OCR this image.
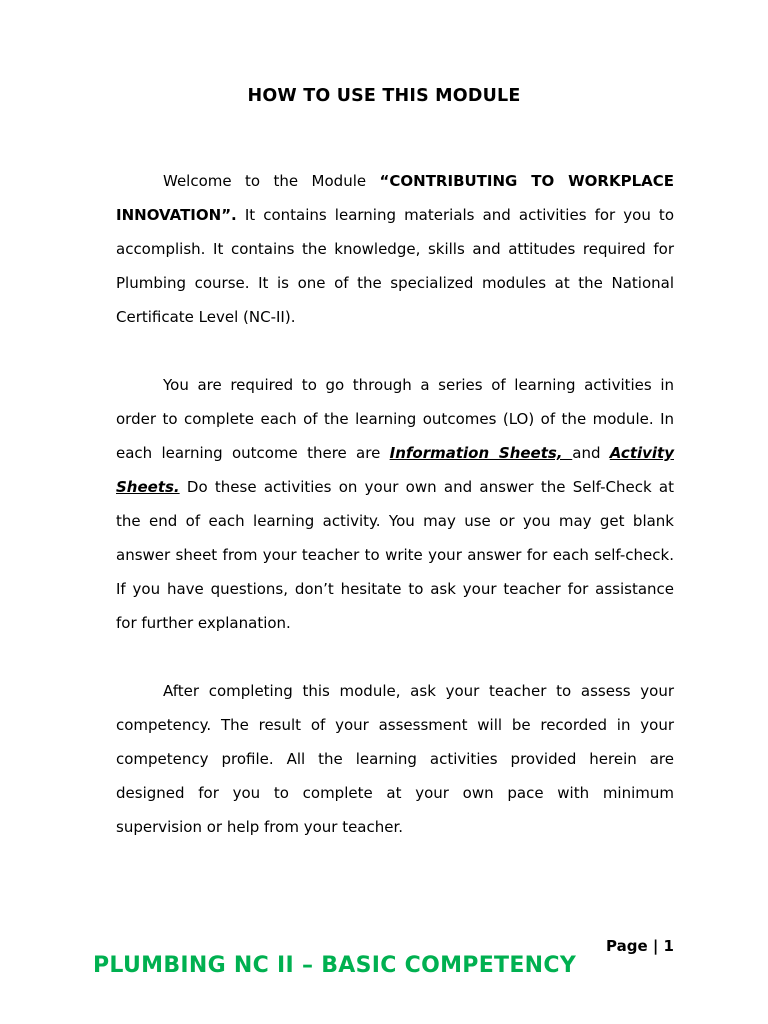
HOW TO USE THIS MODULE

Welcome to the Module “CONTRIBUTING TO WORKPLACE INNOVATION”. It contains learning materials and activities for you to accomplish. It contains the knowledge, skills and attitudes required for Plumbing course. It is one of the specialized modules at the National Certificate Level (NC-II).

You are required to go through a series of learning activities in order to complete each of the learning outcomes (LO) of the module. In each learning outcome there are Information Sheets, and Activity Sheets. Do these activities on your own and answer the Self-Check at the end of each learning activity. You may use or you may get blank answer sheet from your teacher to write your answer for each self-check. If you have questions, don’t hesitate to ask your teacher for assistance for further explanation.

After completing this module, ask your teacher to assess your competency. The result of your assessment will be recorded in your competency profile. All the learning activities provided herein are designed for you to complete at your own pace with minimum supervision or help from your teacher.

Page | 1
PLUMBING NC II – BASIC COMPETENCY
